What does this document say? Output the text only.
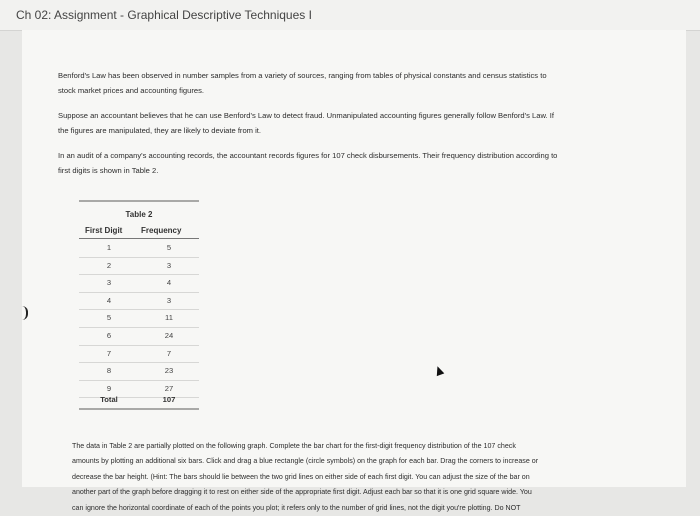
Ch 02: Assignment - Graphical Descriptive Techniques I

Benford's Law has been observed in number samples from a variety of sources, ranging from tables of physical constants and census statistics to
stock market prices and accounting figures.

Suppose an accountant believes that he can use Benford's Law to detect fraud. Unmanipulated accounting figures generally follow Benford's Law. If
the figures are manipulated, they are likely to deviate from it.

In an audit of a company's accounting records, the accountant records figures for 107 check disbursements. Their frequency distribution according to
first digits is shown in Table 2.

Table 2
First Digit Frequency
1	5
2	3
3	4
4	3
5	11
6	24
7	7
8	23
9	27
Total	107

The data in Table 2 are partially plotted on the following graph. Complete the bar chart for the first-digit frequency distribution of the 107 check
amounts by plotting an additional six bars. Click and drag a blue rectangle (circle symbols) on the graph for each bar. Drag the corners to increase or
decrease the bar height. (Hint: The bars should lie between the two grid lines on either side of each first digit. You can adjust the size of the bar on
another part of the graph before dragging it to rest on either side of the appropriate first digit. Adjust each bar so that it is one grid square wide. You
can ignore the horizontal coordinate of each of the points you plot; it refers only to the number of grid lines, not the digit you're plotting. Do NOT
